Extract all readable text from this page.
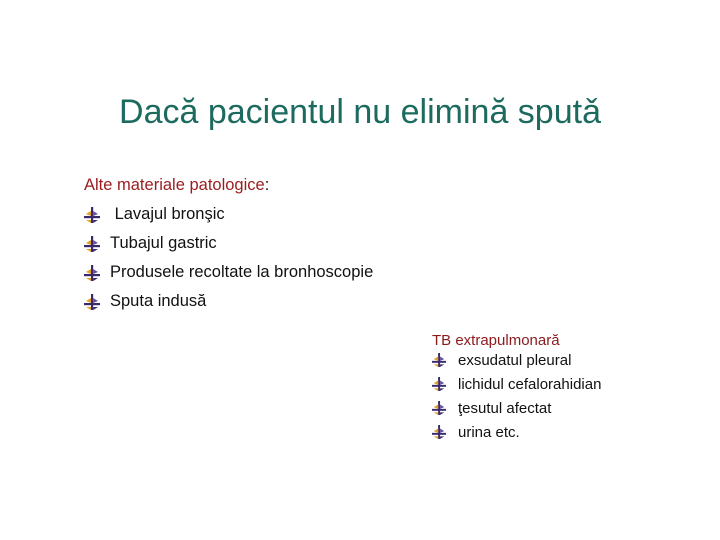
Dacă pacientul nu elimină sputǎ
Alte materiale patologice:
Lavajul bronşic
Tubajul gastric
Produsele recoltate la bronhoscopie
Sputa indusă
TB extrapulmonară
exsudatul pleural
lichidul cefalorahidian
ţesutul afectat
urina etc.
